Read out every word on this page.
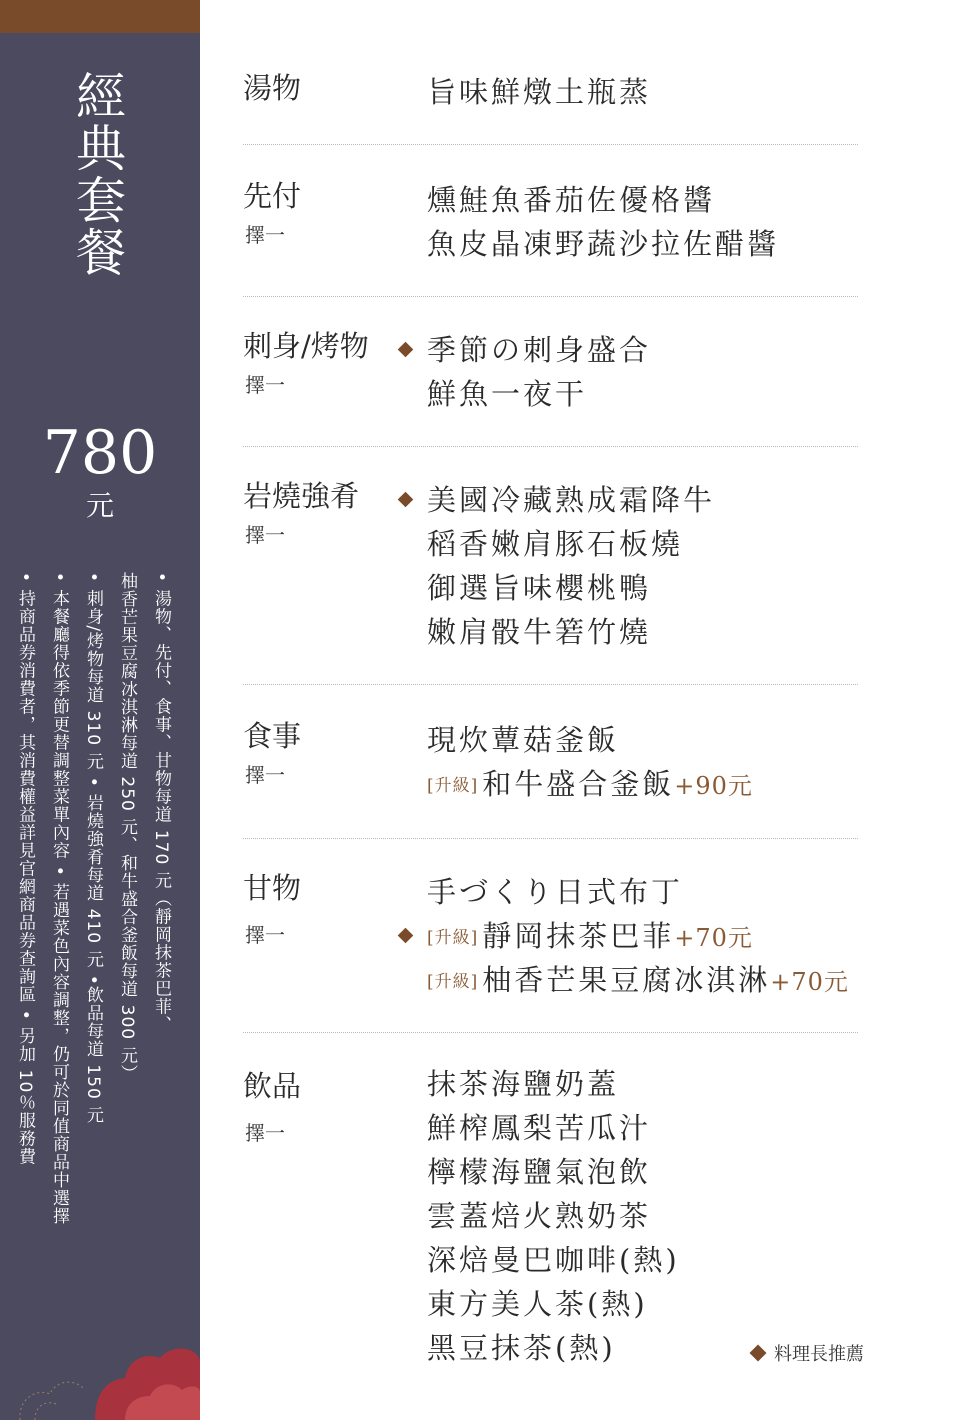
經典套餐
780
元
• 湯物、先付、食事、甘物每道 170 元（靜岡抹茶巴菲、
柚香芒果豆腐冰淇淋每道 250 元、和牛盛合釜飯每道 300 元）
• 刺身/烤物每道 310 元 • 岩燒強肴每道 410 元 •飲品每道 150 元
• 本餐廳得依季節更替調整菜單內容 • 若遇菜色內容調整，仍可於同值商品中選擇
• 持商品券消費者，其消費權益詳見官網商品券查詢區 • 另加 10％服務費
湯物	旨味鮮燉土瓶蒸
先付
擇一
燻鮭魚番茄佐優格醬
魚皮晶凍野蔬沙拉佐醋醬
刺身/烤物
擇一
季節の刺身盛合
鮮魚一夜干
岩燒強肴
擇一
美國冷藏熟成霜降牛
稻香嫩肩豚石板燒
御選旨味櫻桃鴨
嫩肩骰牛箬竹燒
食事
擇一
現炊蕈菇釜飯
[升級] 和牛盛合釜飯+90元
甘物
擇一
手づくり日式布丁
[升級] 靜岡抹茶巴菲+70元
[升級] 柚香芒果豆腐冰淇淋+70元
飲品
擇一
抹茶海鹽奶蓋
鮮榨鳳梨苦瓜汁
檸檬海鹽氣泡飲
雲蓋焙火熟奶茶
深焙曼巴咖啡(熱)
東方美人茶(熱)
黑豆抹茶(熱)	料理長推薦
